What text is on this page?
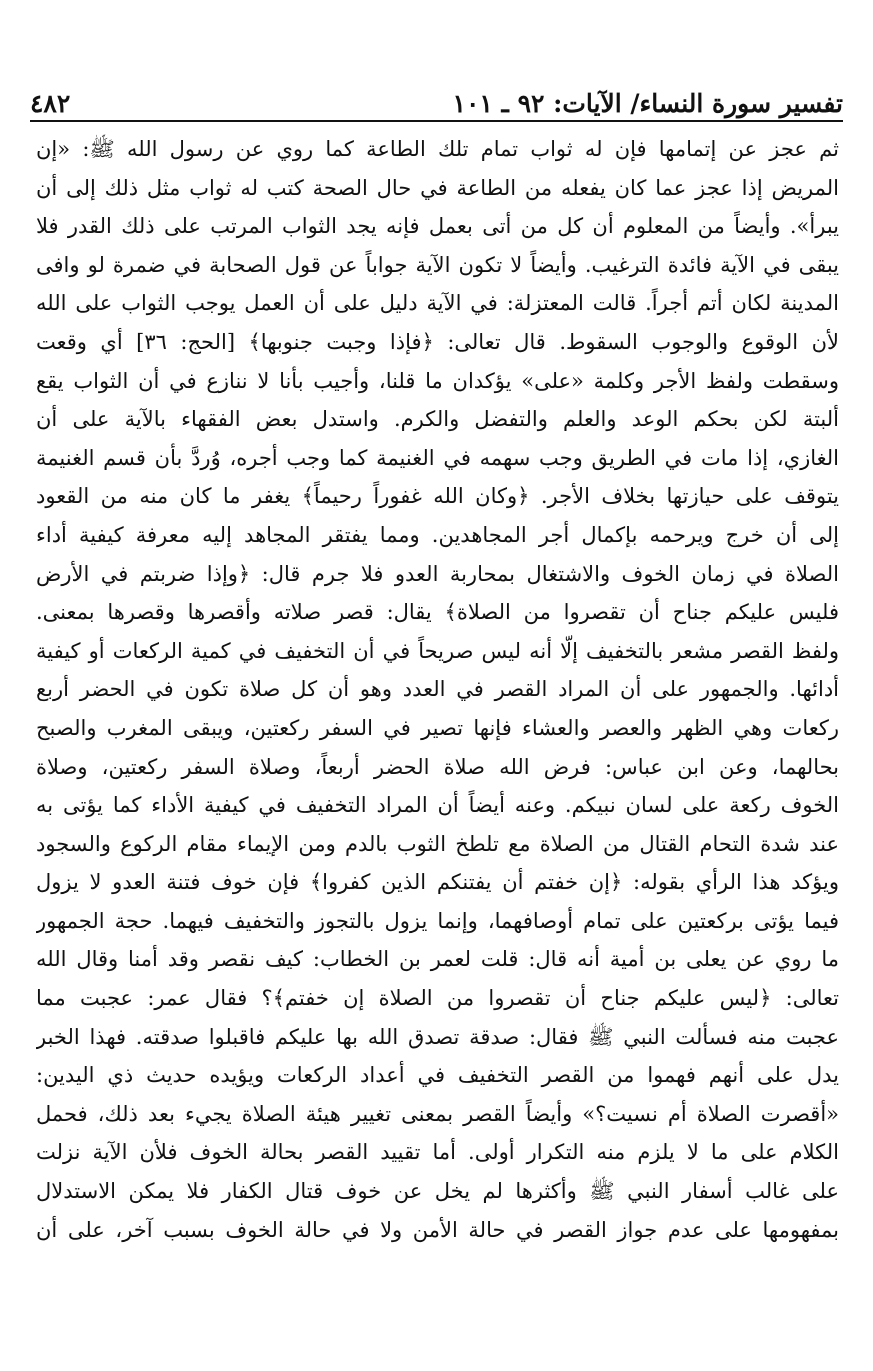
تفسير سورة النساء/ الآيات: ٩٢ ـ ١٠١
٤٨٢
ثم عجز عن إتمامها فإن له ثواب تمام تلك الطاعة كما روي عن رسول الله ﷺ: «إن
المريض إذا عجز عما كان يفعله من الطاعة في حال الصحة كتب له ثواب مثل ذلك إلى أن
يبرأ». وأيضاً من المعلوم أن كل من أتى بعمل فإنه يجد الثواب المرتب على ذلك القدر فلا
يبقى في الآية فائدة الترغيب. وأيضاً لا تكون الآية جواباً عن قول الصحابة في ضمرة لو وافى
المدينة لكان أتم أجراً. قالت المعتزلة: في الآية دليل على أن العمل يوجب الثواب على الله
لأن الوقوع والوجوب السقوط. قال تعالى: ﴿فإذا وجبت جنوبها﴾ [الحج: ٣٦] أي وقعت
وسقطت ولفظ الأجر وكلمة «على» يؤكدان ما قلنا، وأجيب بأنا لا ننازع في أن الثواب يقع
ألبتة لكن بحكم الوعد والعلم والتفضل والكرم. واستدل بعض الفقهاء بالآية على أن
الغازي، إذا مات في الطريق وجب سهمه في الغنيمة كما وجب أجره، وُردَّ بأن قسم الغنيمة
يتوقف على حيازتها بخلاف الأجر. ﴿وكان الله غفوراً رحيماً﴾ يغفر ما كان منه من القعود
إلى أن خرج ويرحمه بإكمال أجر المجاهدين. ومما يفتقر المجاهد إليه معرفة كيفية أداء
الصلاة في زمان الخوف والاشتغال بمحاربة العدو فلا جرم قال: ﴿وإذا ضربتم في الأرض
فليس عليكم جناح أن تقصروا من الصلاة﴾ يقال: قصر صلاته وأقصرها وقصرها بمعنى.
ولفظ القصر مشعر بالتخفيف إلّا أنه ليس صريحاً في أن التخفيف في كمية الركعات أو كيفية
أدائها. والجمهور على أن المراد القصر في العدد وهو أن كل صلاة تكون في الحضر أربع
ركعات وهي الظهر والعصر والعشاء فإنها تصير في السفر ركعتين، ويبقى المغرب والصبح
بحالهما، وعن ابن عباس: فرض الله صلاة الحضر أربعاً، وصلاة السفر ركعتين، وصلاة
الخوف ركعة على لسان نبيكم. وعنه أيضاً أن المراد التخفيف في كيفية الأداء كما يؤتى به
عند شدة التحام القتال من الصلاة مع تلطخ الثوب بالدم ومن الإيماء مقام الركوع والسجود
ويؤكد هذا الرأي بقوله: ﴿إن خفتم أن يفتنكم الذين كفروا﴾ فإن خوف فتنة العدو لا يزول
فيما يؤتى بركعتين على تمام أوصافهما، وإنما يزول بالتجوز والتخفيف فيهما. حجة الجمهور
ما روي عن يعلى بن أمية أنه قال: قلت لعمر بن الخطاب: كيف نقصر وقد أمنا وقال الله
تعالى: ﴿ليس عليكم جناح أن تقصروا من الصلاة إن خفتم﴾؟ فقال عمر: عجبت مما
عجبت منه فسألت النبي ﷺ فقال: صدقة تصدق الله بها عليكم فاقبلوا صدقته. فهذا الخبر
يدل على أنهم فهموا من القصر التخفيف في أعداد الركعات ويؤيده حديث ذي اليدين:
«أقصرت الصلاة أم نسيت؟» وأيضاً القصر بمعنى تغيير هيئة الصلاة يجيء بعد ذلك، فحمل
الكلام على ما لا يلزم منه التكرار أولى. أما تقييد القصر بحالة الخوف فلأن الآية نزلت
على غالب أسفار النبي ﷺ وأكثرها لم يخل عن خوف قتال الكفار فلا يمكن الاستدلال
بمفهومها على عدم جواز القصر في حالة الأمن ولا في حالة الخوف بسبب آخر، على أن
